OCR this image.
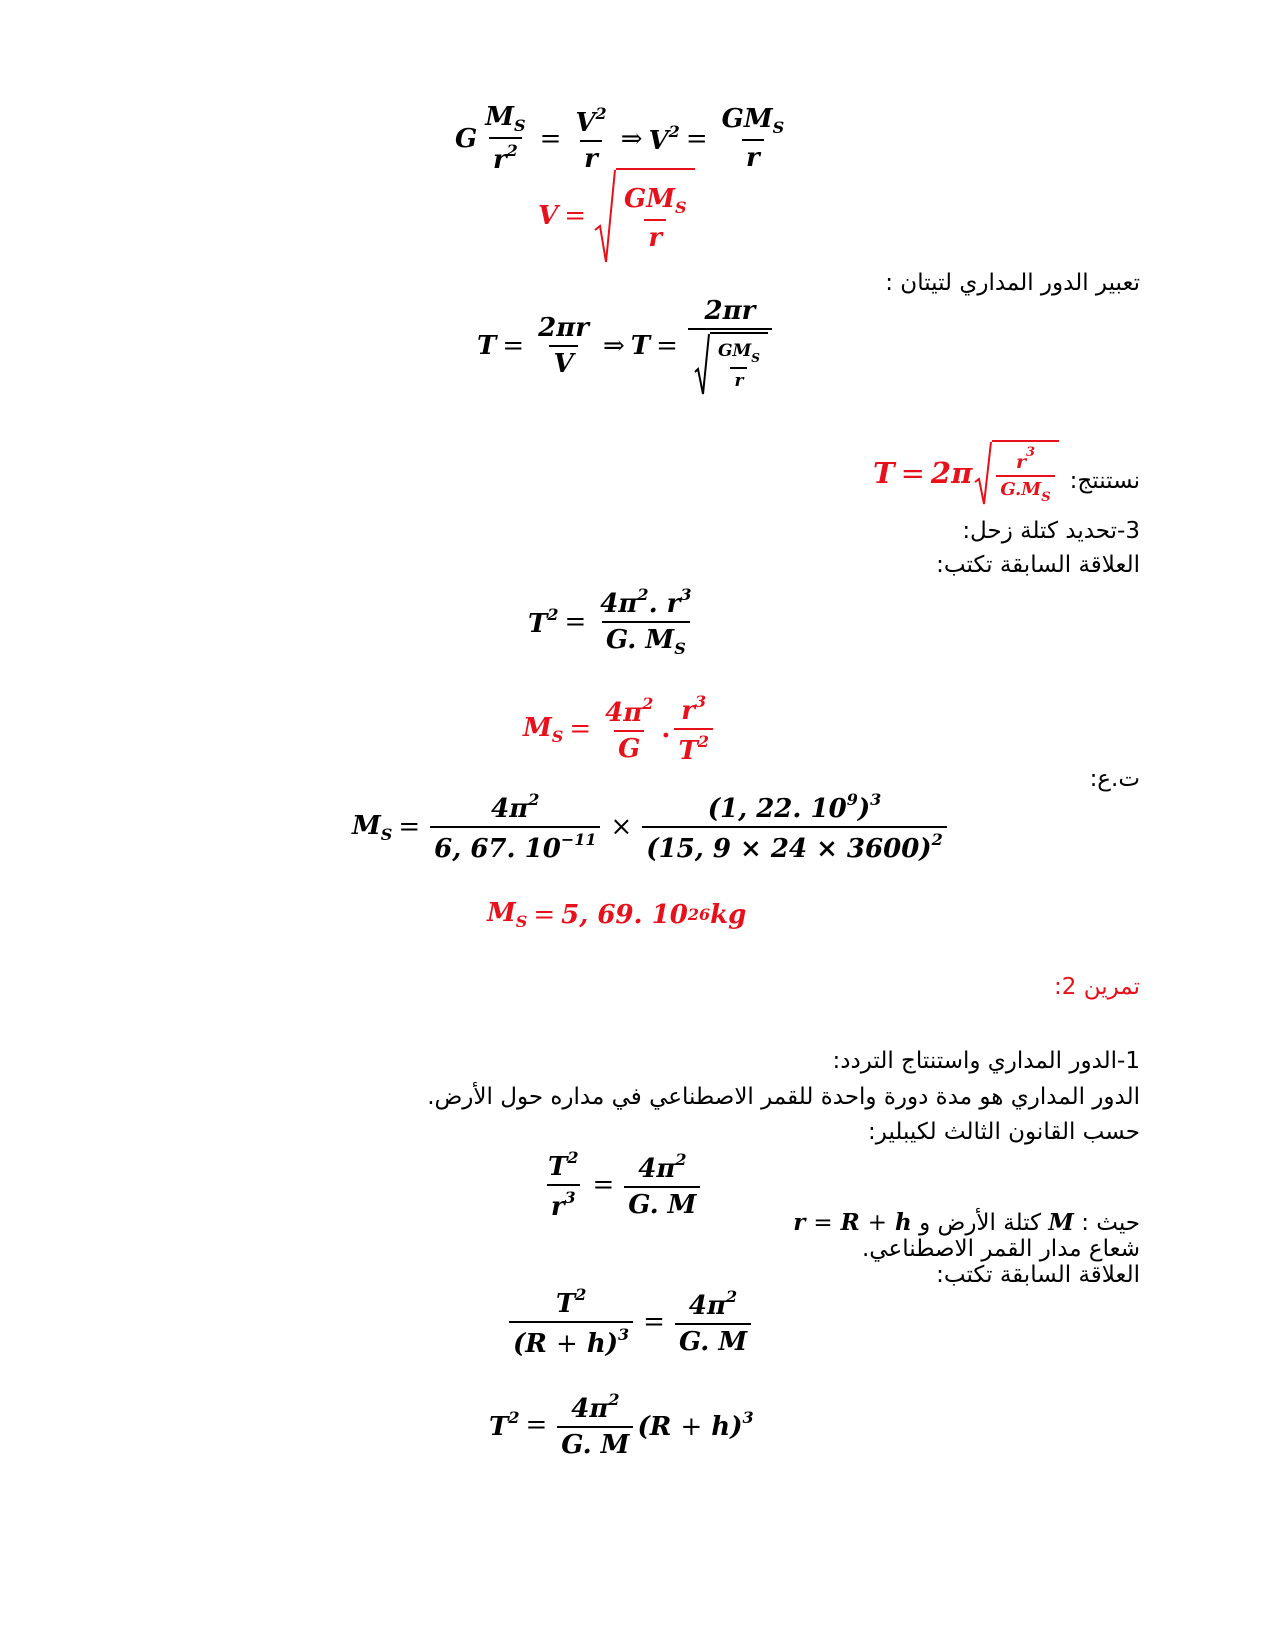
G $\frac{M_S}{r^2} = \frac{V^2}{r}$ ⇒ $V^2 = \frac{GM_S}{r}$
$V = \frac{GM_S}{r}$
تعبير الدور المداري لتيتان :
$T = \frac{2\pi r}{V}$ ⇒ $T = \frac{2\pi r}{\frac{GM_S}{r}}$
نستنتج:
$T = 2\pi \frac{r^3}{G.M_S}$
3-تحديد كتلة زحل:
العلاقة السابقة تكتب:
$T^2 = \frac{4\pi^2. r^3}{G. M_S}$
$M_S = \frac{4\pi^2}{G}$ . $\frac{r^3}{T^2}$
ت.ع:
$M_S = \frac{4\pi^2}{6, 67. 10^{-11}} \times \frac{(1, 22. 10^9)^3}{(15, 9 \times 24 \times 3600)^2}$
$M_S = 5$, 69. 10 26 kg
تمرين 2:
1-الدور المداري واستنتاج التردد:
الدور المداري هو مدة دورة واحدة للقمر الاصطناعي في مداره حول الأرض.
حسب القانون الثالث لكيبلير:
$\frac{T^2}{r^3} = \frac{4\pi^2}{G. M}$
حيث : M كتلة الأرض و r = R + h
شعاع مدار القمر الاصطناعي.
العلاقة السابقة تكتب:
$\frac{T^2}{(R + h)^3} = \frac{4\pi^2}{G. M}$
$T^2 = \frac{4\pi^2}{G. M} (R + h)^3$
